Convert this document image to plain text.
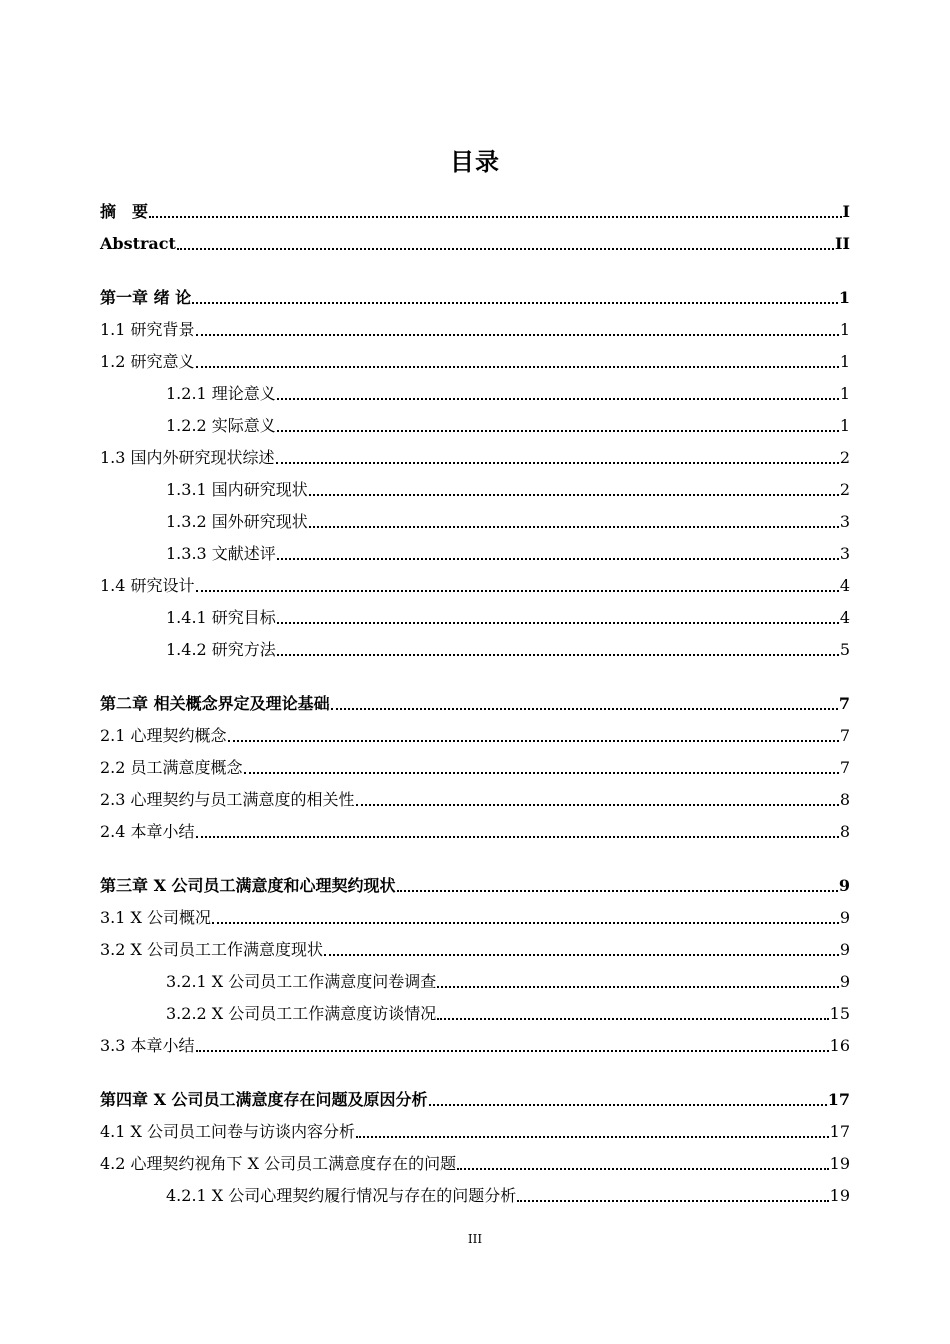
目录
摘　要	I
Abstract	II
第一章 绪 论	1
1.1 研究背景	1
1.2 研究意义	1
1.2.1 理论意义	1
1.2.2 实际意义	1
1.3 国内外研究现状综述	2
1.3.1 国内研究现状	2
1.3.2 国外研究现状	3
1.3.3 文献述评	3
1.4 研究设计	4
1.4.1 研究目标	4
1.4.2 研究方法	5
第二章 相关概念界定及理论基础	7
2.1 心理契约概念	7
2.2 员工满意度概念	7
2.3 心理契约与员工满意度的相关性	8
2.4 本章小结	8
第三章 X 公司员工满意度和心理契约现状	9
3.1 X 公司概况	9
3.2 X 公司员工工作满意度现状	9
3.2.1 X 公司员工工作满意度问卷调查	9
3.2.2 X 公司员工工作满意度访谈情况	15
3.3 本章小结	16
第四章 X 公司员工满意度存在问题及原因分析	17
4.1 X 公司员工问卷与访谈内容分析	17
4.2 心理契约视角下 X 公司员工满意度存在的问题	19
4.2.1 X 公司心理契约履行情况与存在的问题分析	19
III
